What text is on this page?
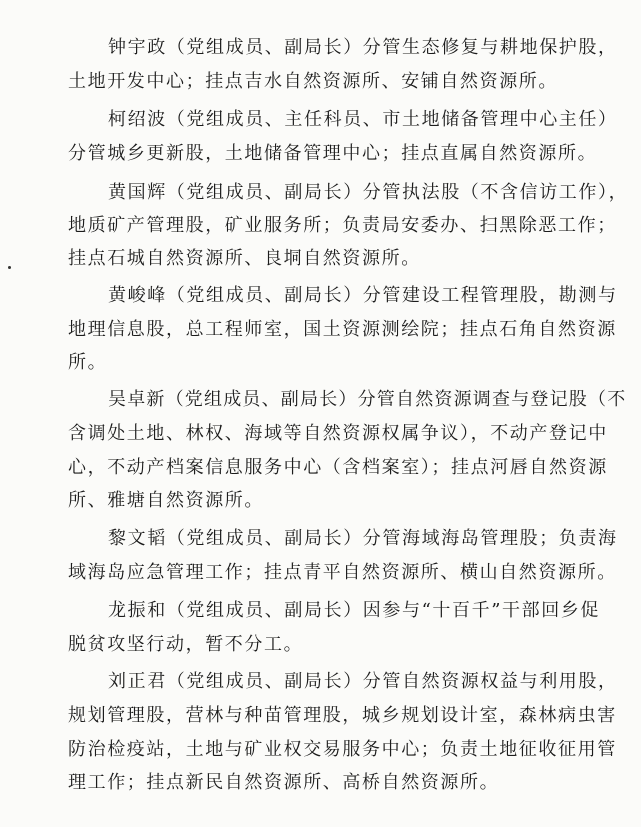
钟宇政（党组成员、副局长）分管生态修复与耕地保护股，
土地开发中心；挂点吉水自然资源所、安铺自然资源所。
柯绍波（党组成员、主任科员、市土地储备管理中心主任）
分管城乡更新股，土地储备管理中心；挂点直属自然资源所。
黄国辉（党组成员、副局长）分管执法股（不含信访工作），
地质矿产管理股，矿业服务所；负责局安委办、扫黑除恶工作；
挂点石城自然资源所、良垌自然资源所。
黄峻峰（党组成员、副局长）分管建设工程管理股，勘测与
地理信息股，总工程师室，国土资源测绘院；挂点石角自然资源
所。
吴卓新（党组成员、副局长）分管自然资源调查与登记股（不
含调处土地、林权、海域等自然资源权属争议），不动产登记中
心，不动产档案信息服务中心（含档案室）；挂点河唇自然资源
所、雅塘自然资源所。
黎文韬（党组成员、副局长）分管海域海岛管理股；负责海
域海岛应急管理工作；挂点青平自然资源所、横山自然资源所。
龙振和（党组成员、副局长）因参与“十百千”干部回乡促
脱贫攻坚行动，暂不分工。
刘正君（党组成员、副局长）分管自然资源权益与利用股，
规划管理股，营林与种苗管理股，城乡规划设计室，森林病虫害
防治检疫站，土地与矿业权交易服务中心；负责土地征收征用管
理工作；挂点新民自然资源所、高桥自然资源所。
